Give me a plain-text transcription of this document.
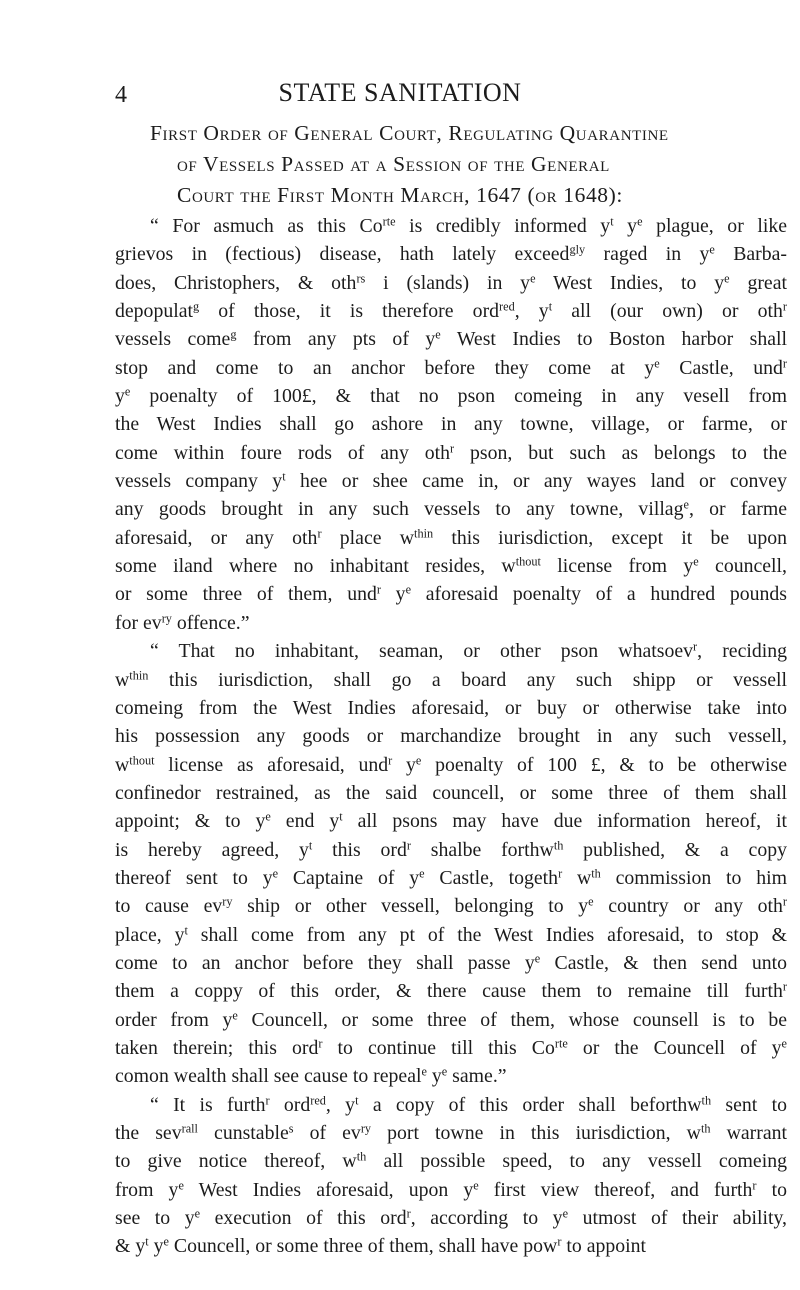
4	STATE SANITATION
First Order of General Court, Regulating Quarantine
of Vessels Passed at a Session of the General
Court the First Month March, 1647 (or 1648):
“ For asmuch as this $Co^{rte}$ is credibly informed $y^t$ $y^e$ plague, or like
grievos in (fectious) disease, hath lately exceed$^{gly}$ raged in $y^e$ Barba-
does, Christophers, & oth$^{rs}$ i (slands) in $y^e$ West Indies, to $y^e$ great
depopulat$^g$ of those, it is therefore ord$^{red}$, $y^t$ all (our own) or oth$^r$
vessels come$^g$ from any pts of $y^e$ West Indies to Boston harbor shall
stop and come to an anchor before they come at $y^e$ Castle, und$^r$
$y^e$ poenalty of 100£, & that no pson comeing in any vesell from
the West Indies shall go ashore in any towne, village, or farme, or
come within foure rods of any oth$^r$ pson, but such as belongs to the
vessels company $y^t$ hee or shee came in, or any wayes land or convey
any goods brought in any such vessels to any towne, villag$^e$, or farme
aforesaid, or any oth$^r$ place $w^{thin}$ this iurisdiction, except it be upon
some iland where no inhabitant resides, $w^{thout}$ license from $y^e$ councell,
or some three of them, und$^r$ $y^e$ aforesaid poenalty of a hundred pounds
for $ev^{ry}$ offence.”
“ That no inhabitant, seaman, or other pson whatsoev$^r$, reciding
$w^{thin}$ this iurisdiction, shall go a board any such shipp or vessell
comeing from the West Indies aforesaid, or buy or otherwise take into
his possession any goods or marchandize brought in any such vessell,
$w^{thout}$ license as aforesaid, und$^r$ $y^e$ poenalty of 100 £, & to be otherwise
confinedor restrained, as the said councell, or some three of them shall
appoint; & to $y^e$ end $y^t$ all psons may have due information hereof, it
is hereby agreed, $y^t$ this ord$^r$ shalbe forthw$^{th}$ published, & a copy
thereof sent to $y^e$ Captaine of $y^e$ Castle, togeth$^r$ $w^{th}$ commission to him
to cause $ev^{ry}$ ship or other vessell, belonging to $y^e$ country or any oth$^r$
place, $y^t$ shall come from any pt of the West Indies aforesaid, to stop &
come to an anchor before they shall passe $y^e$ Castle, & then send unto
them a coppy of this order, & there cause them to remaine till furth$^r$
order from $y^e$ Councell, or some three of them, whose counsell is to be
taken therein; this ord$^r$ to continue till this $Co^{rte}$ or the Councell of $y^e$
comon wealth shall see cause to repeal$^e$ $y^e$ same.”
“ It is furth$^r$ ord$^{red}$, $y^t$ a copy of this order shall beforthw$^{th}$ sent to
the sev$^{rall}$ cunstable$^s$ of $ev^{ry}$ port towne in this iurisdiction, $w^{th}$ warrant
to give notice thereof, $w^{th}$ all possible speed, to any vessell comeing
from $y^e$ West Indies aforesaid, upon $y^e$ first view thereof, and furth$^r$ to
see to $y^e$ execution of this ord$^r$, according to $y^e$ utmost of their ability,
& $y^t$ $y^e$ Councell, or some three of them, shall have pow$^r$ to appoint
